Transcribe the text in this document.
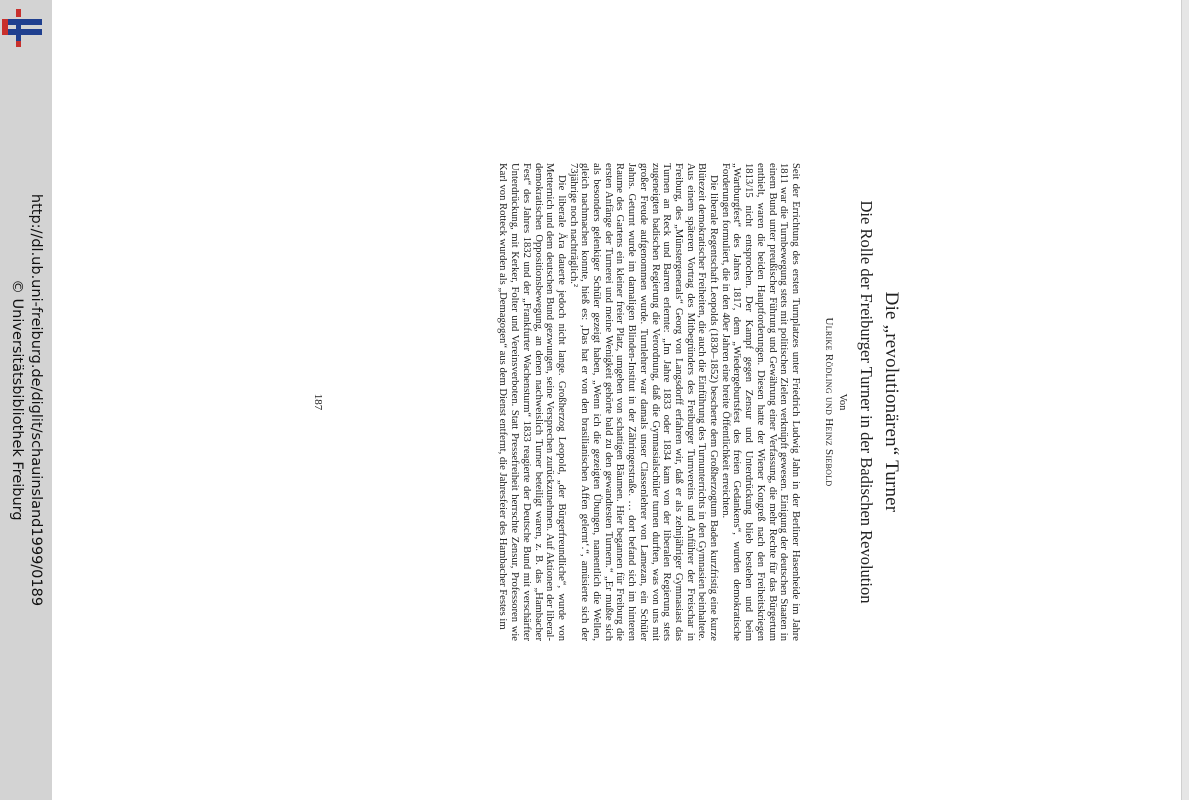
http://dl.ub.uni-freiburg.de/diglit/schauinsland1999/0189
© Universitätsbibliothek Freiburg	Die „revolutionären“ Turner
Die Rolle der Freiburger Turner in der Badischen Revolution
Von
Ulrike Rödling und Heinz Siebold

Seit der Errichtung des ersten Turnplatzes unter Friedrich Ludwig Jahn in der Berliner Hasenheide im Jahre 1811 war die Turnbewegung stets mit politischen Zielen verknüpft gewesen. Einigung der deutschen Staaten in einem Bund unter preußischer Führung und Gewährung einer Verfassung, die mehr Rechte für das Bürgertum enthielt, waren die beiden Hauptforderungen. Diesen hatte der Wiener Kongreß nach den Freiheitskriegen 1813/15 nicht entsprochen. Der Kampf gegen Zensur und Unterdrückung blieb bestehen und beim „Wartburgfest“ des Jahres 1817, dem „Wiedergeburtsfest des freien Gedankens“, wurden demokratische Forderungen formuliert, die in den 40er Jahren eine breite Öffentlichkeit erreichten.

Die liberale Regentschaft Leopolds (1830–1852) bescherte dem Großherzogtum Baden kurzfristig eine kurze Blütezeit demokratischer Freiheiten, die auch die Einführung des Turnunterrichts in den Gymnasien beinhaltete. Aus einem späteren Vortrag des Mitbegründers des Freiburger Turnvereins und Anführer der Freischar in Freiburg, des „Münstergenerals“ Georg von Langsdorff erfahren wir, daß er als zehnjähriger Gymnasiast das Turnen an Reck und Barren erlernte: „Im Jahre 1833 oder 1834 kam von der liberalen Regierung stets zugeneigten badischen Regierung die Verordnung, daß die Gymnasialschüler turnen durften, was von uns mit großer Freude aufgenommen wurde. Turnlehrer war damals unser Classenlehrer von Lamezan, ein Schüler Jahns. Geturnt wurde im damaligen Blinden-Institut in der Zähringerstraße. … dort befand sich im hinteren Raume des Gartens ein kleiner freier Platz, umgeben von schattigen Bäumen. Hier begannen für Freiburg die ersten Anfänge der Turnerei und meine Wenigkeit gehörte bald zu den gewandtesten Turnern.“ „Er mußte sich als besonders gelenkiger Schüler gezeigt haben, „Wenn ich die gezeigten Übungen, namentlich die Wellen, gleich nachmachen konnte, hieß es: ‚Das hat er von den brasilianischen Affen gelernt‘.“, amüsierte sich der 73jährige noch nachträglich.²

Die liberale Ära dauerte jedoch nicht lange. Großherzog Leopold, „der Bürgerfreundliche“, wurde von Metternich und dem deutschen Bund gezwungen, seine Versprechen zurückzunehmen. Auf Aktionen der liberal-demokratischen Oppositionsbewegung, an denen nachweislich Turner beteiligt waren, z. B. das „Hambacher Fest“ des Jahres 1832 und der „Frankfurter Wachensturm“ 1833 reagierte der Deutsche Bund mit verschärfter Unterdrückung, mit Kerker, Folter und Vereinsverboten. Statt Pressefreiheit herrschte Zensur, Professoren wie Karl von Rotteck wurden als „Demagogen“ aus dem Dienst entfernt, die Jahresfeier des Hambacher Festes im

187
